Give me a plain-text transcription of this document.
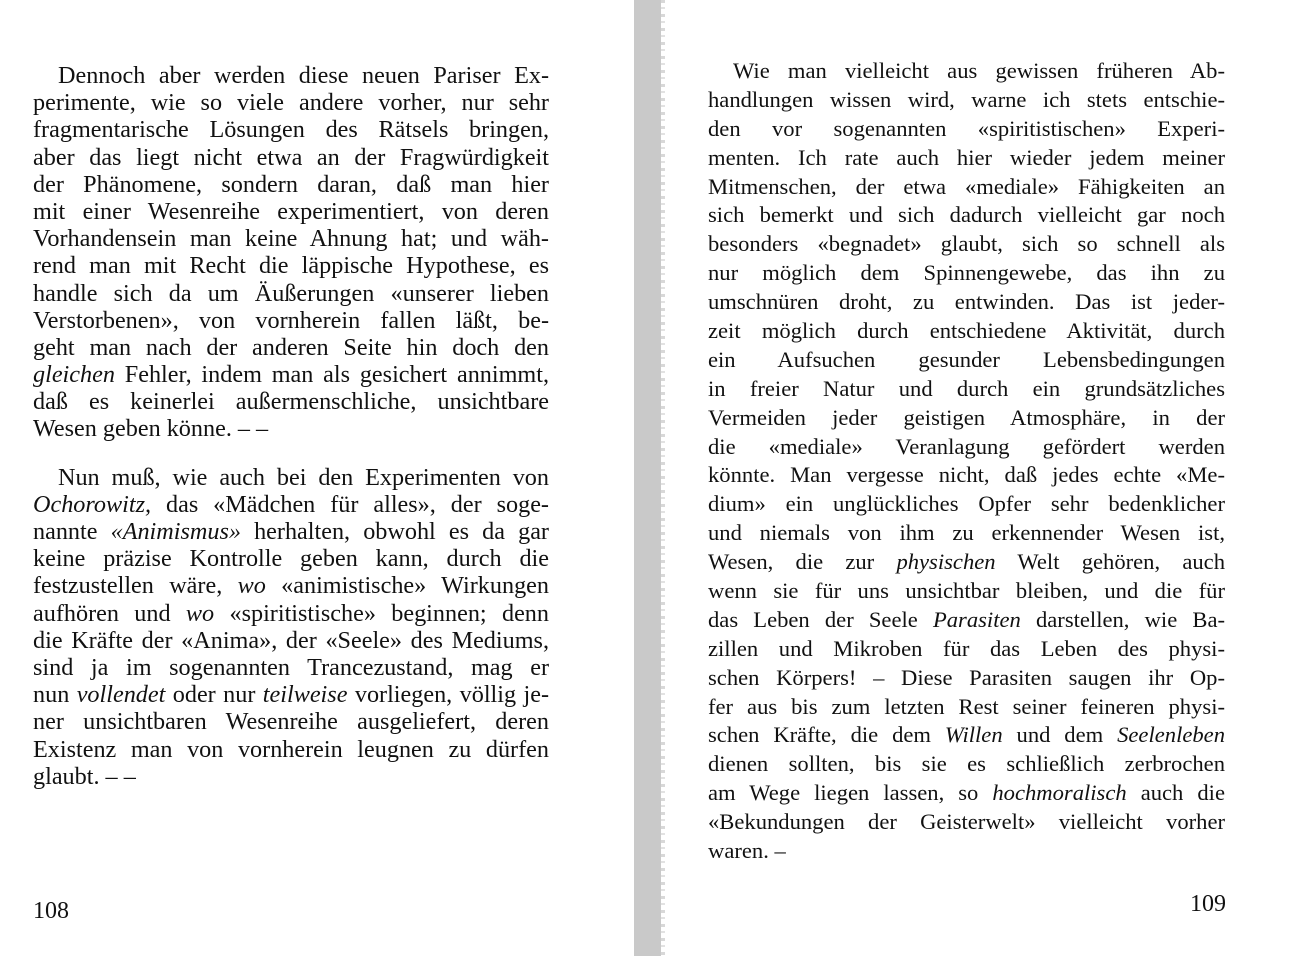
Dennoch aber werden diese neuen Pariser Ex-
perimente, wie so viele andere vorher, nur sehr
fragmentarische Lösungen des Rätsels bringen,
aber das liegt nicht etwa an der Fragwürdigkeit
der Phänomene, sondern daran, daß man hier
mit einer Wesenreihe experimentiert, von deren
Vorhandensein man keine Ahnung hat; und wäh-
rend man mit Recht die läppische Hypothese, es
handle sich da um Äußerungen «unserer lieben
Verstorbenen», von vornherein fallen läßt, be-
geht man nach der anderen Seite hin doch den
gleichen Fehler, indem man als gesichert annimmt,
daß es keinerlei außermenschliche, unsichtbare
Wesen geben könne. – –
Nun muß, wie auch bei den Experimenten von
Ochorowitz, das «Mädchen für alles», der soge-
nannte «Animismus» herhalten, obwohl es da gar
keine präzise Kontrolle geben kann, durch die
festzustellen wäre, wo «animistische» Wirkungen
aufhören und wo «spiritistische» beginnen; denn
die Kräfte der «Anima», der «Seele» des Mediums,
sind ja im sogenannten Trancezustand, mag er
nun vollendet oder nur teilweise vorliegen, völlig je-
ner unsichtbaren Wesenreihe ausgeliefert, deren
Existenz man von vornherein leugnen zu dürfen
glaubt. – –
108
Wie man vielleicht aus gewissen früheren Ab-
handlungen wissen wird, warne ich stets entschie-
den vor sogenannten «spiritistischen» Experi-
menten. Ich rate auch hier wieder jedem meiner
Mitmenschen, der etwa «mediale» Fähigkeiten an
sich bemerkt und sich dadurch vielleicht gar noch
besonders «begnadet» glaubt, sich so schnell als
nur möglich dem Spinnengewebe, das ihn zu
umschnüren droht, zu entwinden. Das ist jeder-
zeit möglich durch entschiedene Aktivität, durch
ein Aufsuchen gesunder Lebensbedingungen
in freier Natur und durch ein grundsätzliches
Vermeiden jeder geistigen Atmosphäre, in der
die «mediale» Veranlagung gefördert werden
könnte. Man vergesse nicht, daß jedes echte «Me-
dium» ein unglückliches Opfer sehr bedenklicher
und niemals von ihm zu erkennender Wesen ist,
Wesen, die zur physischen Welt gehören, auch
wenn sie für uns unsichtbar bleiben, und die für
das Leben der Seele Parasiten darstellen, wie Ba-
zillen und Mikroben für das Leben des physi-
schen Körpers! – Diese Parasiten saugen ihr Op-
fer aus bis zum letzten Rest seiner feineren physi-
schen Kräfte, die dem Willen und dem Seelenleben
dienen sollten, bis sie es schließlich zerbrochen
am Wege liegen lassen, so hochmoralisch auch die
«Bekundungen der Geisterwelt» vielleicht vorher
waren. –
109
